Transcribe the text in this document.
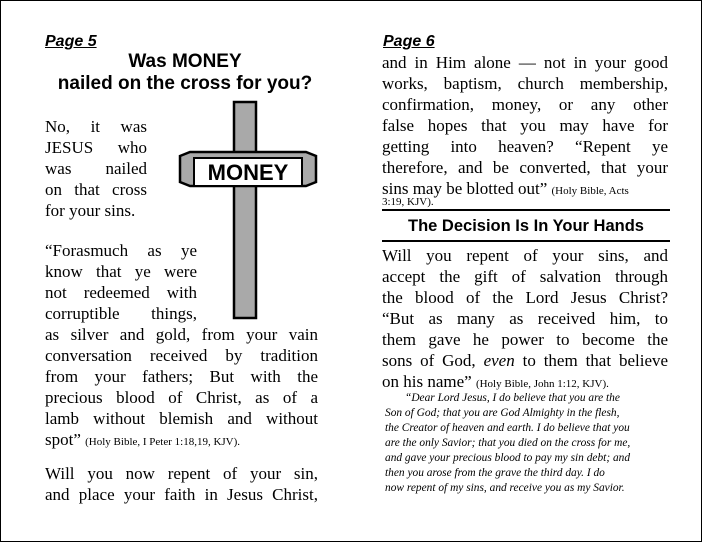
Page 5
Was MONEY
nailed on the cross for you?
No, it was
JESUS who
was nailed
on that cross
for your sins.
“Forasmuch as ye
know that ye were
not redeemed with
corruptible things,
as silver and gold, from your vain
conversation received by tradition
from your fathers; But with the
precious blood of Christ, as of a
lamb without blemish and without
spot” (Holy Bible, I Peter 1:18,19, KJV).
Will you now repent of your sin,
and place your faith in Jesus Christ,
MONEY
Page 6
and in Him alone — not in your good
works, baptism, church membership,
confirmation, money, or any other
false hopes that you may have for
getting into heaven? “Repent ye
therefore, and be converted, that your
sins may be blotted out” (Holy Bible, Acts
3:19, KJV).
The Decision Is In Your Hands
Will you repent of your sins, and
accept the gift of salvation through
the blood of the Lord Jesus Christ?
“But as many as received him, to
them gave he power to become the
sons of God, even to them that believe
on his name” (Holy Bible, John 1:12, KJV).
“Dear Lord Jesus, I do believe that you are the
Son of God; that you are God Almighty in the flesh,
the Creator of heaven and earth. I do believe that you
are the only Savior; that you died on the cross for me,
and gave your precious blood to pay my sin debt; and
then you arose from the grave the third day. I do
now repent of my sins, and receive you as my Savior.
